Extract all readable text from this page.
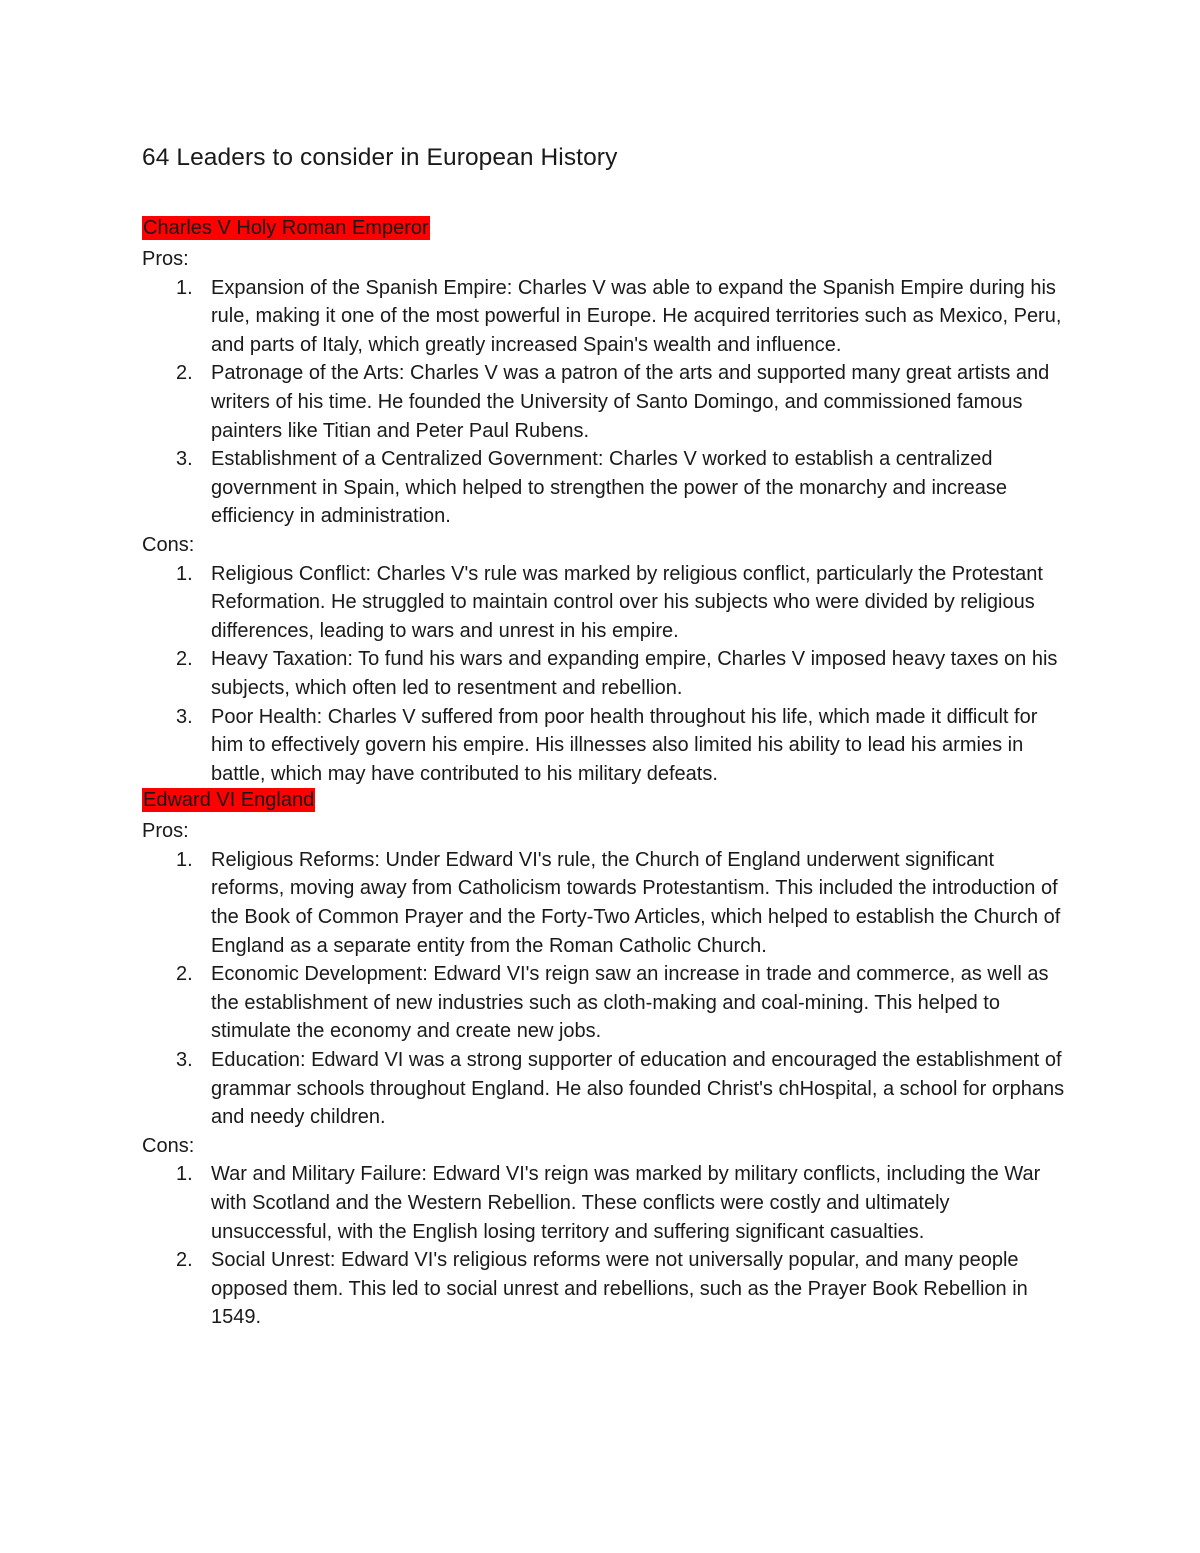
64 Leaders to consider in European History
Charles V Holy Roman Emperor
Pros:
1. Expansion of the Spanish Empire: Charles V was able to expand the Spanish Empire during his rule, making it one of the most powerful in Europe. He acquired territories such as Mexico, Peru, and parts of Italy, which greatly increased Spain's wealth and influence.
2. Patronage of the Arts: Charles V was a patron of the arts and supported many great artists and writers of his time. He founded the University of Santo Domingo, and commissioned famous painters like Titian and Peter Paul Rubens.
3. Establishment of a Centralized Government: Charles V worked to establish a centralized government in Spain, which helped to strengthen the power of the monarchy and increase efficiency in administration.
Cons:
1. Religious Conflict: Charles V's rule was marked by religious conflict, particularly the Protestant Reformation. He struggled to maintain control over his subjects who were divided by religious differences, leading to wars and unrest in his empire.
2. Heavy Taxation: To fund his wars and expanding empire, Charles V imposed heavy taxes on his subjects, which often led to resentment and rebellion.
3. Poor Health: Charles V suffered from poor health throughout his life, which made it difficult for him to effectively govern his empire. His illnesses also limited his ability to lead his armies in battle, which may have contributed to his military defeats.
Edward VI England
Pros:
1. Religious Reforms: Under Edward VI's rule, the Church of England underwent significant reforms, moving away from Catholicism towards Protestantism. This included the introduction of the Book of Common Prayer and the Forty-Two Articles, which helped to establish the Church of England as a separate entity from the Roman Catholic Church.
2. Economic Development: Edward VI's reign saw an increase in trade and commerce, as well as the establishment of new industries such as cloth-making and coal-mining. This helped to stimulate the economy and create new jobs.
3. Education: Edward VI was a strong supporter of education and encouraged the establishment of grammar schools throughout England. He also founded Christ's chHospital, a school for orphans and needy children.
Cons:
1. War and Military Failure: Edward VI's reign was marked by military conflicts, including the War with Scotland and the Western Rebellion. These conflicts were costly and ultimately unsuccessful, with the English losing territory and suffering significant casualties.
2. Social Unrest: Edward VI's religious reforms were not universally popular, and many people opposed them. This led to social unrest and rebellions, such as the Prayer Book Rebellion in 1549.
